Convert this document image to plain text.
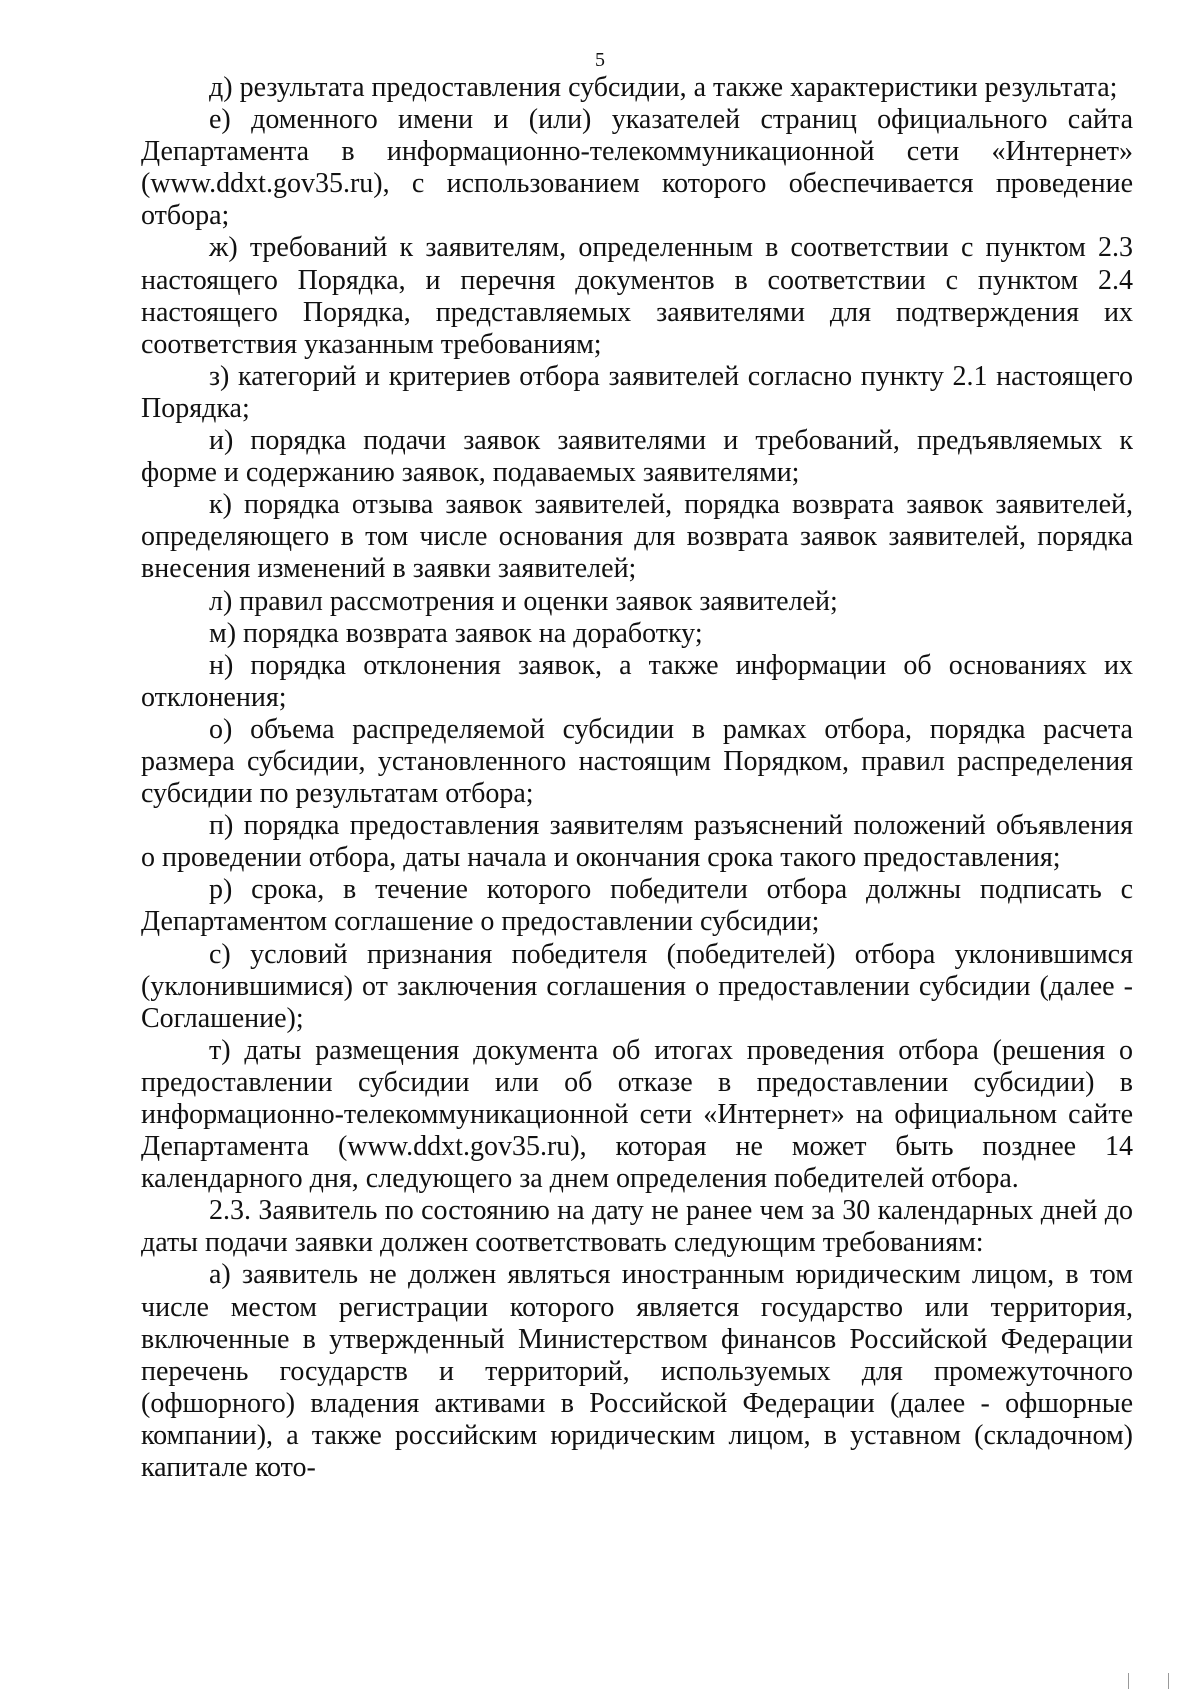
5

д) результата предоставления субсидии, а также характеристики результата;

е) доменного имени и (или) указателей страниц официального сайта Департамента в информационно-телекоммуникационной сети «Интернет» (www.ddxt.gov35.ru), с использованием которого обеспечивается проведение отбора;

ж) требований к заявителям, определенным в соответствии с пунктом 2.3 настоящего Порядка, и перечня документов в соответствии с пунктом 2.4 настоящего Порядка, представляемых заявителями для подтверждения их соответствия указанным требованиям;

з) категорий и критериев отбора заявителей согласно пункту 2.1 настоящего Порядка;

и) порядка подачи заявок заявителями и требований, предъявляемых к форме и содержанию заявок, подаваемых заявителями;

к) порядка отзыва заявок заявителей, порядка возврата заявок заявителей, определяющего в том числе основания для возврата заявок заявителей, порядка внесения изменений в заявки заявителей;

л) правил рассмотрения и оценки заявок заявителей;

м) порядка возврата заявок на доработку;

н) порядка отклонения заявок, а также информации об основаниях их отклонения;

о) объема распределяемой субсидии в рамках отбора, порядка расчета размера субсидии, установленного настоящим Порядком, правил распределения субсидии по результатам отбора;

п) порядка предоставления заявителям разъяснений положений объявления о проведении отбора, даты начала и окончания срока такого предоставления;

р) срока, в течение которого победители отбора должны подписать с Департаментом соглашение о предоставлении субсидии;

с) условий признания победителя (победителей) отбора уклонившимся (уклонившимися) от заключения соглашения о предоставлении субсидии (далее - Соглашение);

т) даты размещения документа об итогах проведения отбора (решения о предоставлении субсидии или об отказе в предоставлении субсидии) в информационно-телекоммуникационной сети «Интернет» на официальном сайте Департамента (www.ddxt.gov35.ru), которая не может быть позднее 14 календарного дня, следующего за днем определения победителей отбора.

2.3. Заявитель по состоянию на дату не ранее чем за 30 календарных дней до даты подачи заявки должен соответствовать следующим требованиям:

а) заявитель не должен являться иностранным юридическим лицом, в том числе местом регистрации которого является государство или территория, включенные в утвержденный Министерством финансов Российской Федерации перечень государств и территорий, используемых для промежуточного (офшорного) владения активами в Российской Федерации (далее - офшорные компании), а также российским юридическим лицом, в уставном (складочном) капитале кото-
